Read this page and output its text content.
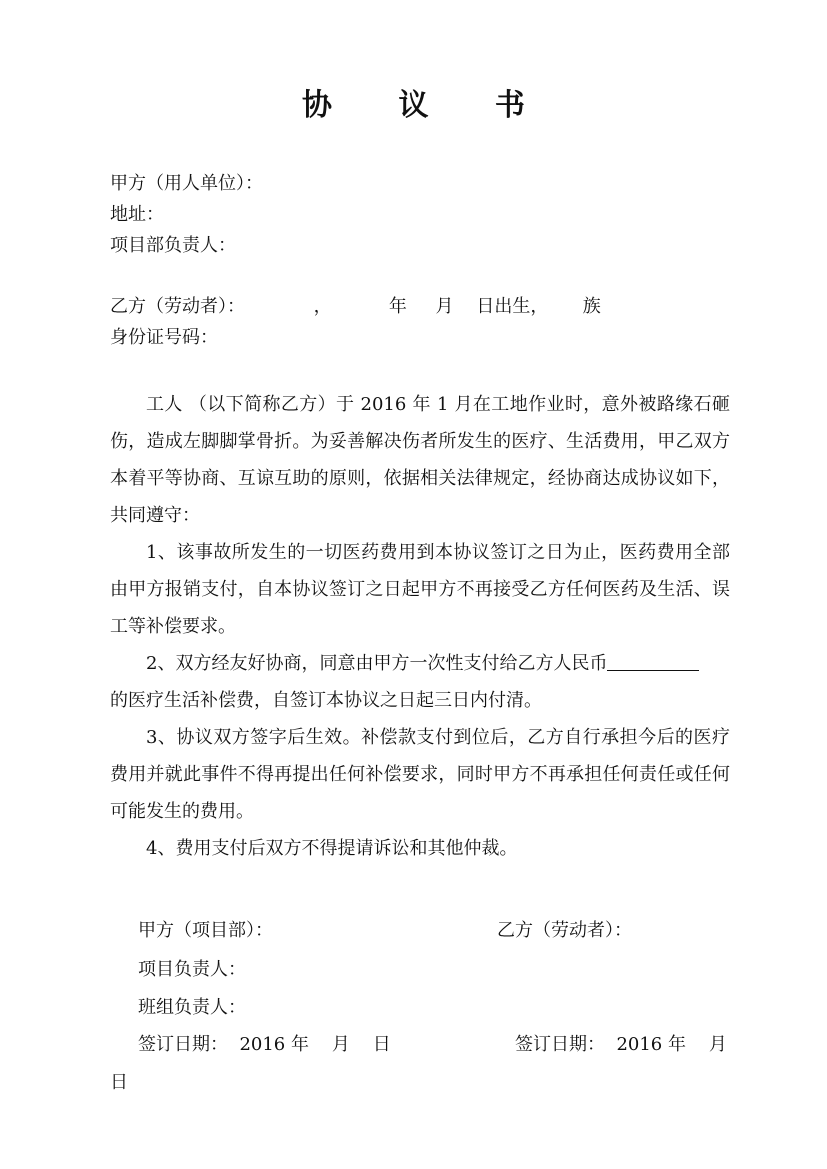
协 议 书
甲方（用人单位）：
地址：
项目部负责人：
乙方（劳动者）：            ，          年     月    日出生，      族
身份证号码：
工人 （以下简称乙方）于 2016 年 1 月在工地作业时，意外被路缘石砸伤，造成左脚脚掌骨折。为妥善解决伤者所发生的医疗、生活费用，甲乙双方本着平等协商、互谅互助的原则，依据相关法律规定，经协商达成协议如下，共同遵守：
1、该事故所发生的一切医药费用到本协议签订之日为止，医药费用全部由甲方报销支付，自本协议签订之日起甲方不再接受乙方任何医药及生活、误工等补偿要求。
2、双方经友好协商，同意由甲方一次性支付给乙方人民币
的医疗生活补偿费，自签订本协议之日起三日内付清。
3、协议双方签字后生效。补偿款支付到位后，乙方自行承担今后的医疗费用并就此事件不得再提出任何补偿要求，同时甲方不再承担任何责任或任何可能发生的费用。
4、费用支付后双方不得提请诉讼和其他仲裁。
甲方（项目部）：	乙方（劳动者）：
项目负责人：
班组负责人：
签订日期：  2016 年    月    日	签订日期：  2016 年    月
日
